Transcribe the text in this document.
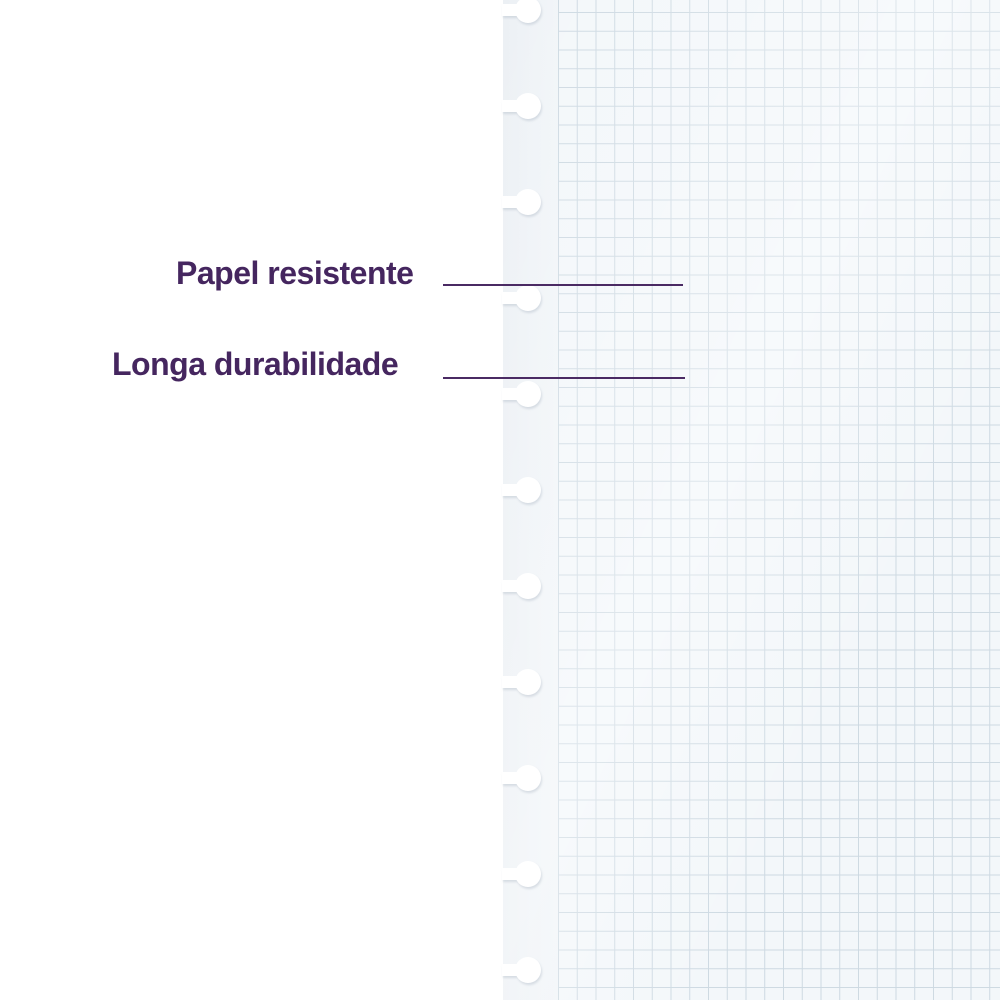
Papel resistente
Longa durabilidade
